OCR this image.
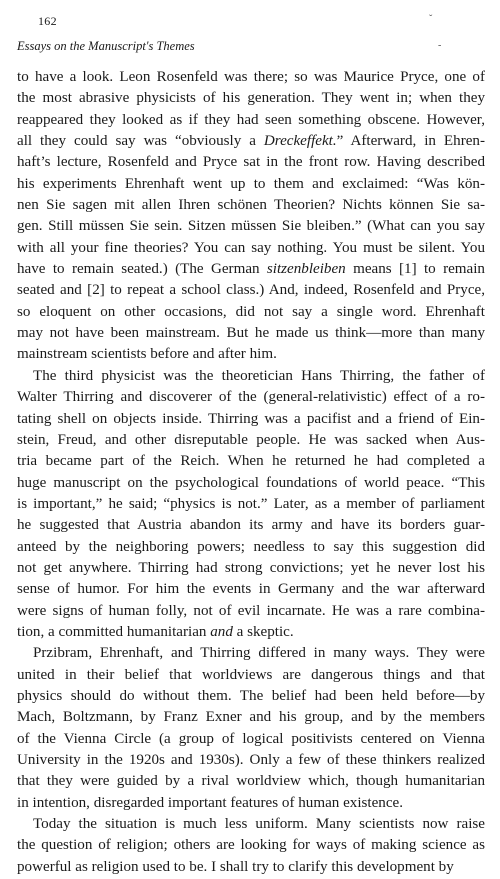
162
Essays on the Manuscript's Themes
ˇ
-
to have a look. Leon Rosenfeld was there; so was Maurice Pryce, one of
the most abrasive physicists of his generation. They went in; when they
reappeared they looked as if they had seen something obscene. However,
all they could say was “obviously a Dreckeffekt.” Afterward, in Ehren-
haft’s lecture, Rosenfeld and Pryce sat in the front row. Having described
his experiments Ehrenhaft went up to them and exclaimed: “Was kön-
nen Sie sagen mit allen Ihren schönen Theorien? Nichts können Sie sa-
gen. Still müssen Sie sein. Sitzen müssen Sie bleiben.” (What can you say
with all your fine theories? You can say nothing. You must be silent. You
have to remain seated.) (The German sitzenbleiben means [1] to remain
seated and [2] to repeat a school class.) And, indeed, Rosenfeld and Pryce,
so eloquent on other occasions, did not say a single word. Ehrenhaft
may not have been mainstream. But he made us think—more than many
mainstream scientists before and after him.
The third physicist was the theoretician Hans Thirring, the father of
Walter Thirring and discoverer of the (general-relativistic) effect of a ro-
tating shell on objects inside. Thirring was a pacifist and a friend of Ein-
stein, Freud, and other disreputable people. He was sacked when Aus-
tria became part of the Reich. When he returned he had completed a
huge manuscript on the psychological foundations of world peace. “This
is important,” he said; “physics is not.” Later, as a member of parliament
he suggested that Austria abandon its army and have its borders guar-
anteed by the neighboring powers; needless to say this suggestion did
not get anywhere. Thirring had strong convictions; yet he never lost his
sense of humor. For him the events in Germany and the war afterward
were signs of human folly, not of evil incarnate. He was a rare combina-
tion, a committed humanitarian and a skeptic.
Przibram, Ehrenhaft, and Thirring differed in many ways. They were
united in their belief that worldviews are dangerous things and that
physics should do without them. The belief had been held before—by
Mach, Boltzmann, by Franz Exner and his group, and by the members
of the Vienna Circle (a group of logical positivists centered on Vienna
University in the 1920s and 1930s). Only a few of these thinkers realized
that they were guided by a rival worldview which, though humanitarian
in intention, disregarded important features of human existence.
Today the situation is much less uniform. Many scientists now raise
the question of religion; others are looking for ways of making science as
powerful as religion used to be. I shall try to clarify this development by
